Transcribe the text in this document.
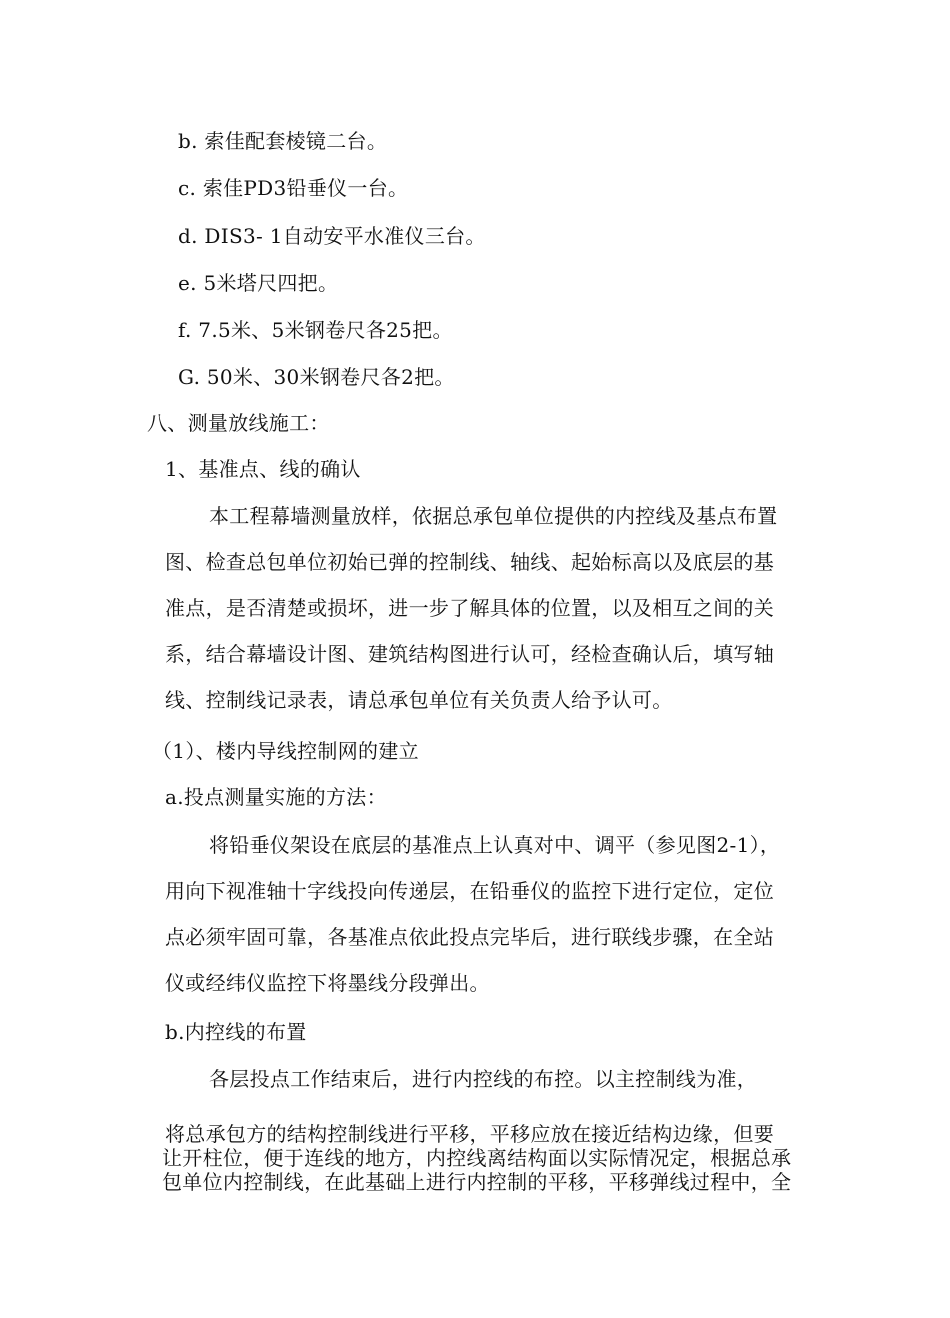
b. 索佳配套棱镜二台。
c. 索佳PD3铅垂仪一台。
d. DIS3- 1自动安平水准仪三台。
e. 5米塔尺四把。
f. 7.5米、5米钢卷尺各25把。
G. 50米、30米钢卷尺各2把。
八、测量放线施工：
1、基准点、线的确认
本工程幕墙测量放样，依据总承包单位提供的内控线及基点布置
图、检查总包单位初始已弹的控制线、轴线、起始标高以及底层的基
准点，是否清楚或损坏，进一步了解具体的位置，以及相互之间的关
系，结合幕墙设计图、建筑结构图进行认可，经检查确认后，填写轴
线、控制线记录表，请总承包单位有关负责人给予认可。
（1）、楼内导线控制网的建立
a.投点测量实施的方法：
将铅垂仪架设在底层的基准点上认真对中、调平（参见图2-1），
用向下视准轴十字线投向传递层，在铅垂仪的监控下进行定位，定位
点必须牢固可靠，各基准点依此投点完毕后，进行联线步骤，在全站
仪或经纬仪监控下将墨线分段弹出。
b.内控线的布置
各层投点工作结束后，进行内控线的布控。以主控制线为准，
将总承包方的结构控制线进行平移，平移应放在接近结构边缘，但要
让开柱位，便于连线的地方，内控线离结构面以实际情况定，根据总承
包单位内控制线，在此基础上进行内控制的平移，平移弹线过程中，全
